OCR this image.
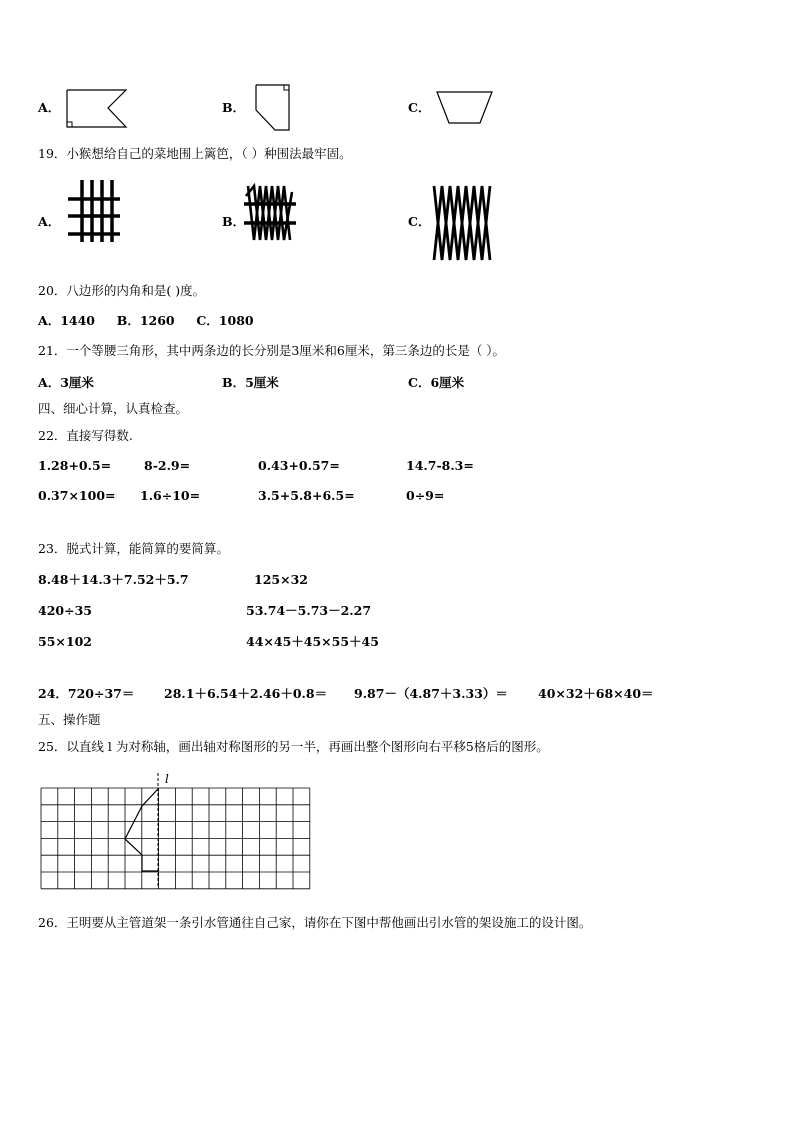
A．	B．	C．
19．小猴想给自己的菜地围上篱笆，（ ）种围法最牢固。
A．	B．	C．
20．八边形的内角和是( )度。
A．1440     B．1260     C．1080
21．一个等腰三角形，其中两条边的长分别是3厘米和6厘米，第三条边的长是（ ）。
A．3厘米	B．5厘米	C．6厘米
四、细心计算，认真检查。
22．直接写得数.
1.28+0.5=	8-2.9=	0.43+0.57=	14.7-8.3=
0.37×100= 1.6÷10=	3.5+5.8+6.5=	0÷9=
23．脱式计算，能简算的要简算。
8.48＋14.3＋7.52＋5.7	125×32
420÷35	53.74－5.73－2.27
55×102	44×45＋45×55＋45
24．720÷37＝ 28.1＋6.54＋2.46＋0.8＝ 9.87－（4.87＋3.33）＝ 40×32＋68×40＝
五、操作题
25．以直线 l 为对称轴，画出轴对称图形的另一半，再画出整个图形向右平移5格后的图形。
l
26．王明要从主管道架一条引水管通往自己家，请你在下图中帮他画出引水管的架设施工的设计图。
